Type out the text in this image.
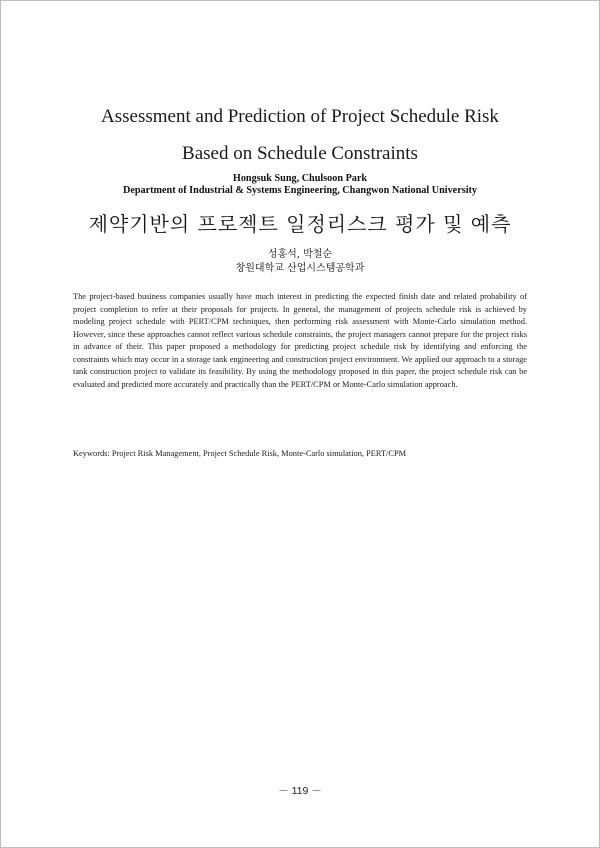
Assessment and Prediction of Project Schedule Risk
Based on Schedule Constraints
Hongsuk Sung, Chulsoon Park
Department of Industrial & Systems Engineering, Changwon National University
제약기반의 프로젝트 일정리스크 평가 및 예측
성홍석, 박철순
창원대학교 산업시스템공학과
The project-based business companies usually have much interest in predicting the expected finish date and related probability of project completion to refer at their proposals for projects. In general, the management of projects schedule risk is achieved by modeling project schedule with PERT/CPM techniques, then performing risk assessment with Monte-Carlo simulation method. However, since these approaches cannot reflect various schedule constraints, the project managers cannot prepare for the project risks in advance of their. This paper proposed a methodology for predicting project schedule risk by identifying and enforcing the constraints which may occur in a storage tank engineering and construction project environment. We applied our approach to a storage tank construction project to validate its feasibility. By using the methodology proposed in this paper, the project schedule risk can be evaluated and predicted more accurately and practically than the PERT/CPM or Monte-Carlo simulation approach.
Keywords: Project Risk Management, Project Schedule Risk, Monte-Carlo simulation, PERT/CPM
－ 119 －
